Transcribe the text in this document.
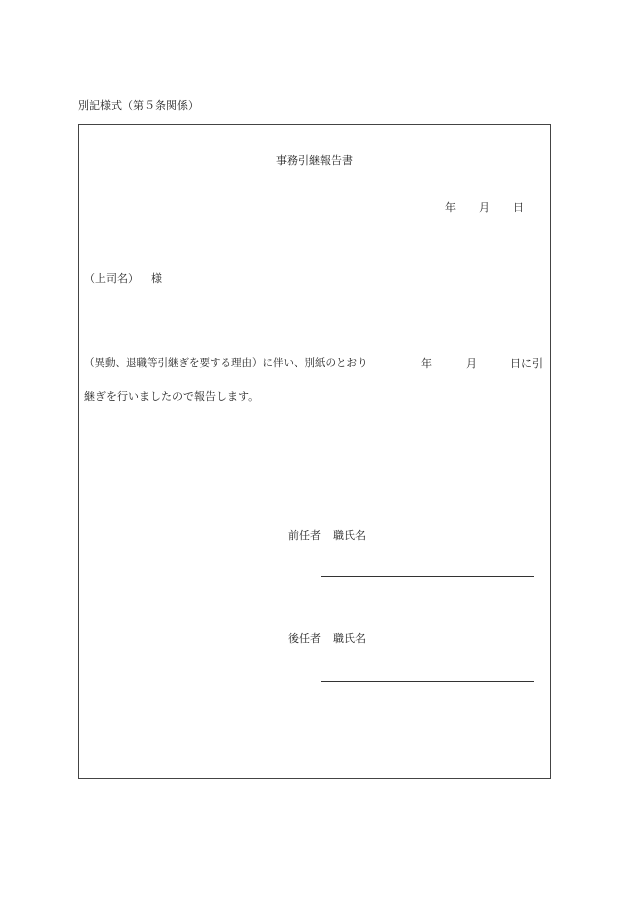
別記様式（第５条関係）
事務引継報告書
年 月 日
（上司名） 様
（異動、退職等引継ぎを要する理由）に伴い、別紙のとおり	年	月	日に引
継ぎを行いましたので報告します。
前任者 職氏名
後任者 職氏名
